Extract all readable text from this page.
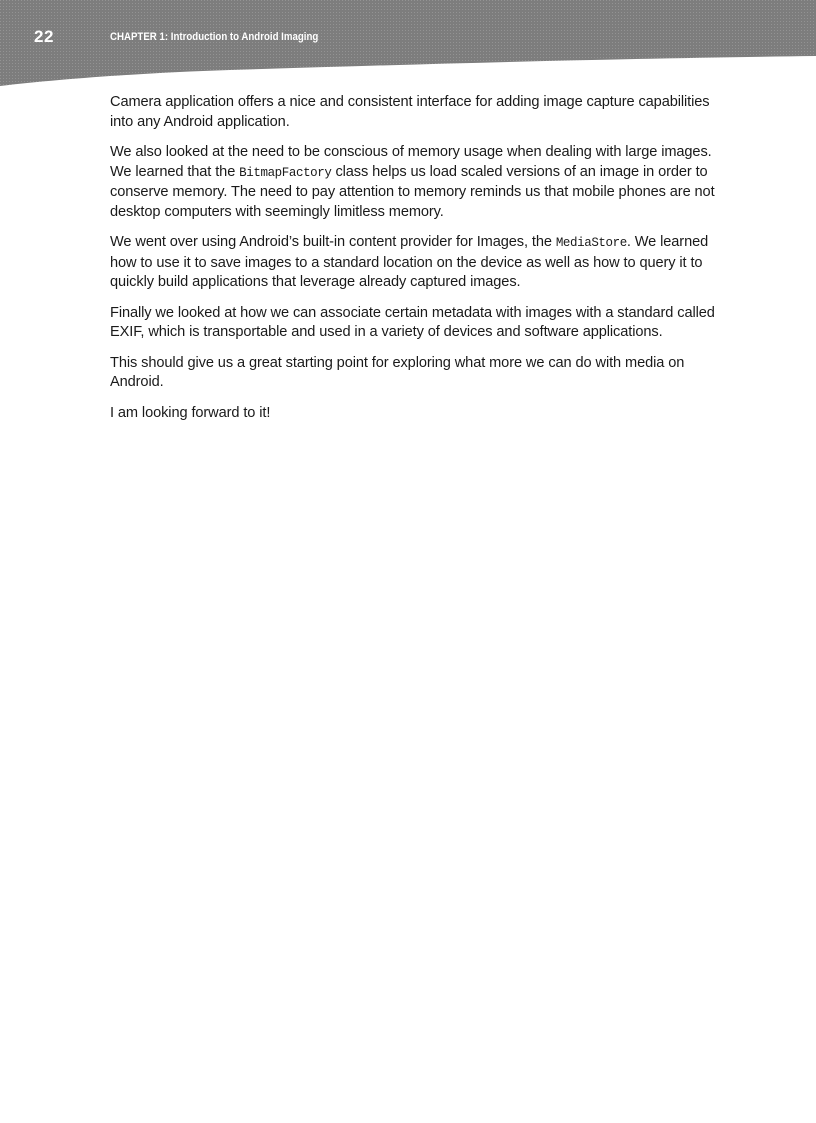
22	CHAPTER 1: Introduction to Android Imaging

Camera application offers a nice and consistent interface for adding image capture capabilities into any Android application.

We also looked at the need to be conscious of memory usage when dealing with large images. We learned that the BitmapFactory class helps us load scaled versions of an image in order to conserve memory. The need to pay attention to memory reminds us that mobile phones are not desktop computers with seemingly limitless memory.

We went over using Android’s built-in content provider for Images, the MediaStore. We learned how to use it to save images to a standard location on the device as well as how to query it to quickly build applications that leverage already captured images.

Finally we looked at how we can associate certain metadata with images with a standard called EXIF, which is transportable and used in a variety of devices and software applications.

This should give us a great starting point for exploring what more we can do with media on Android.

I am looking forward to it!
